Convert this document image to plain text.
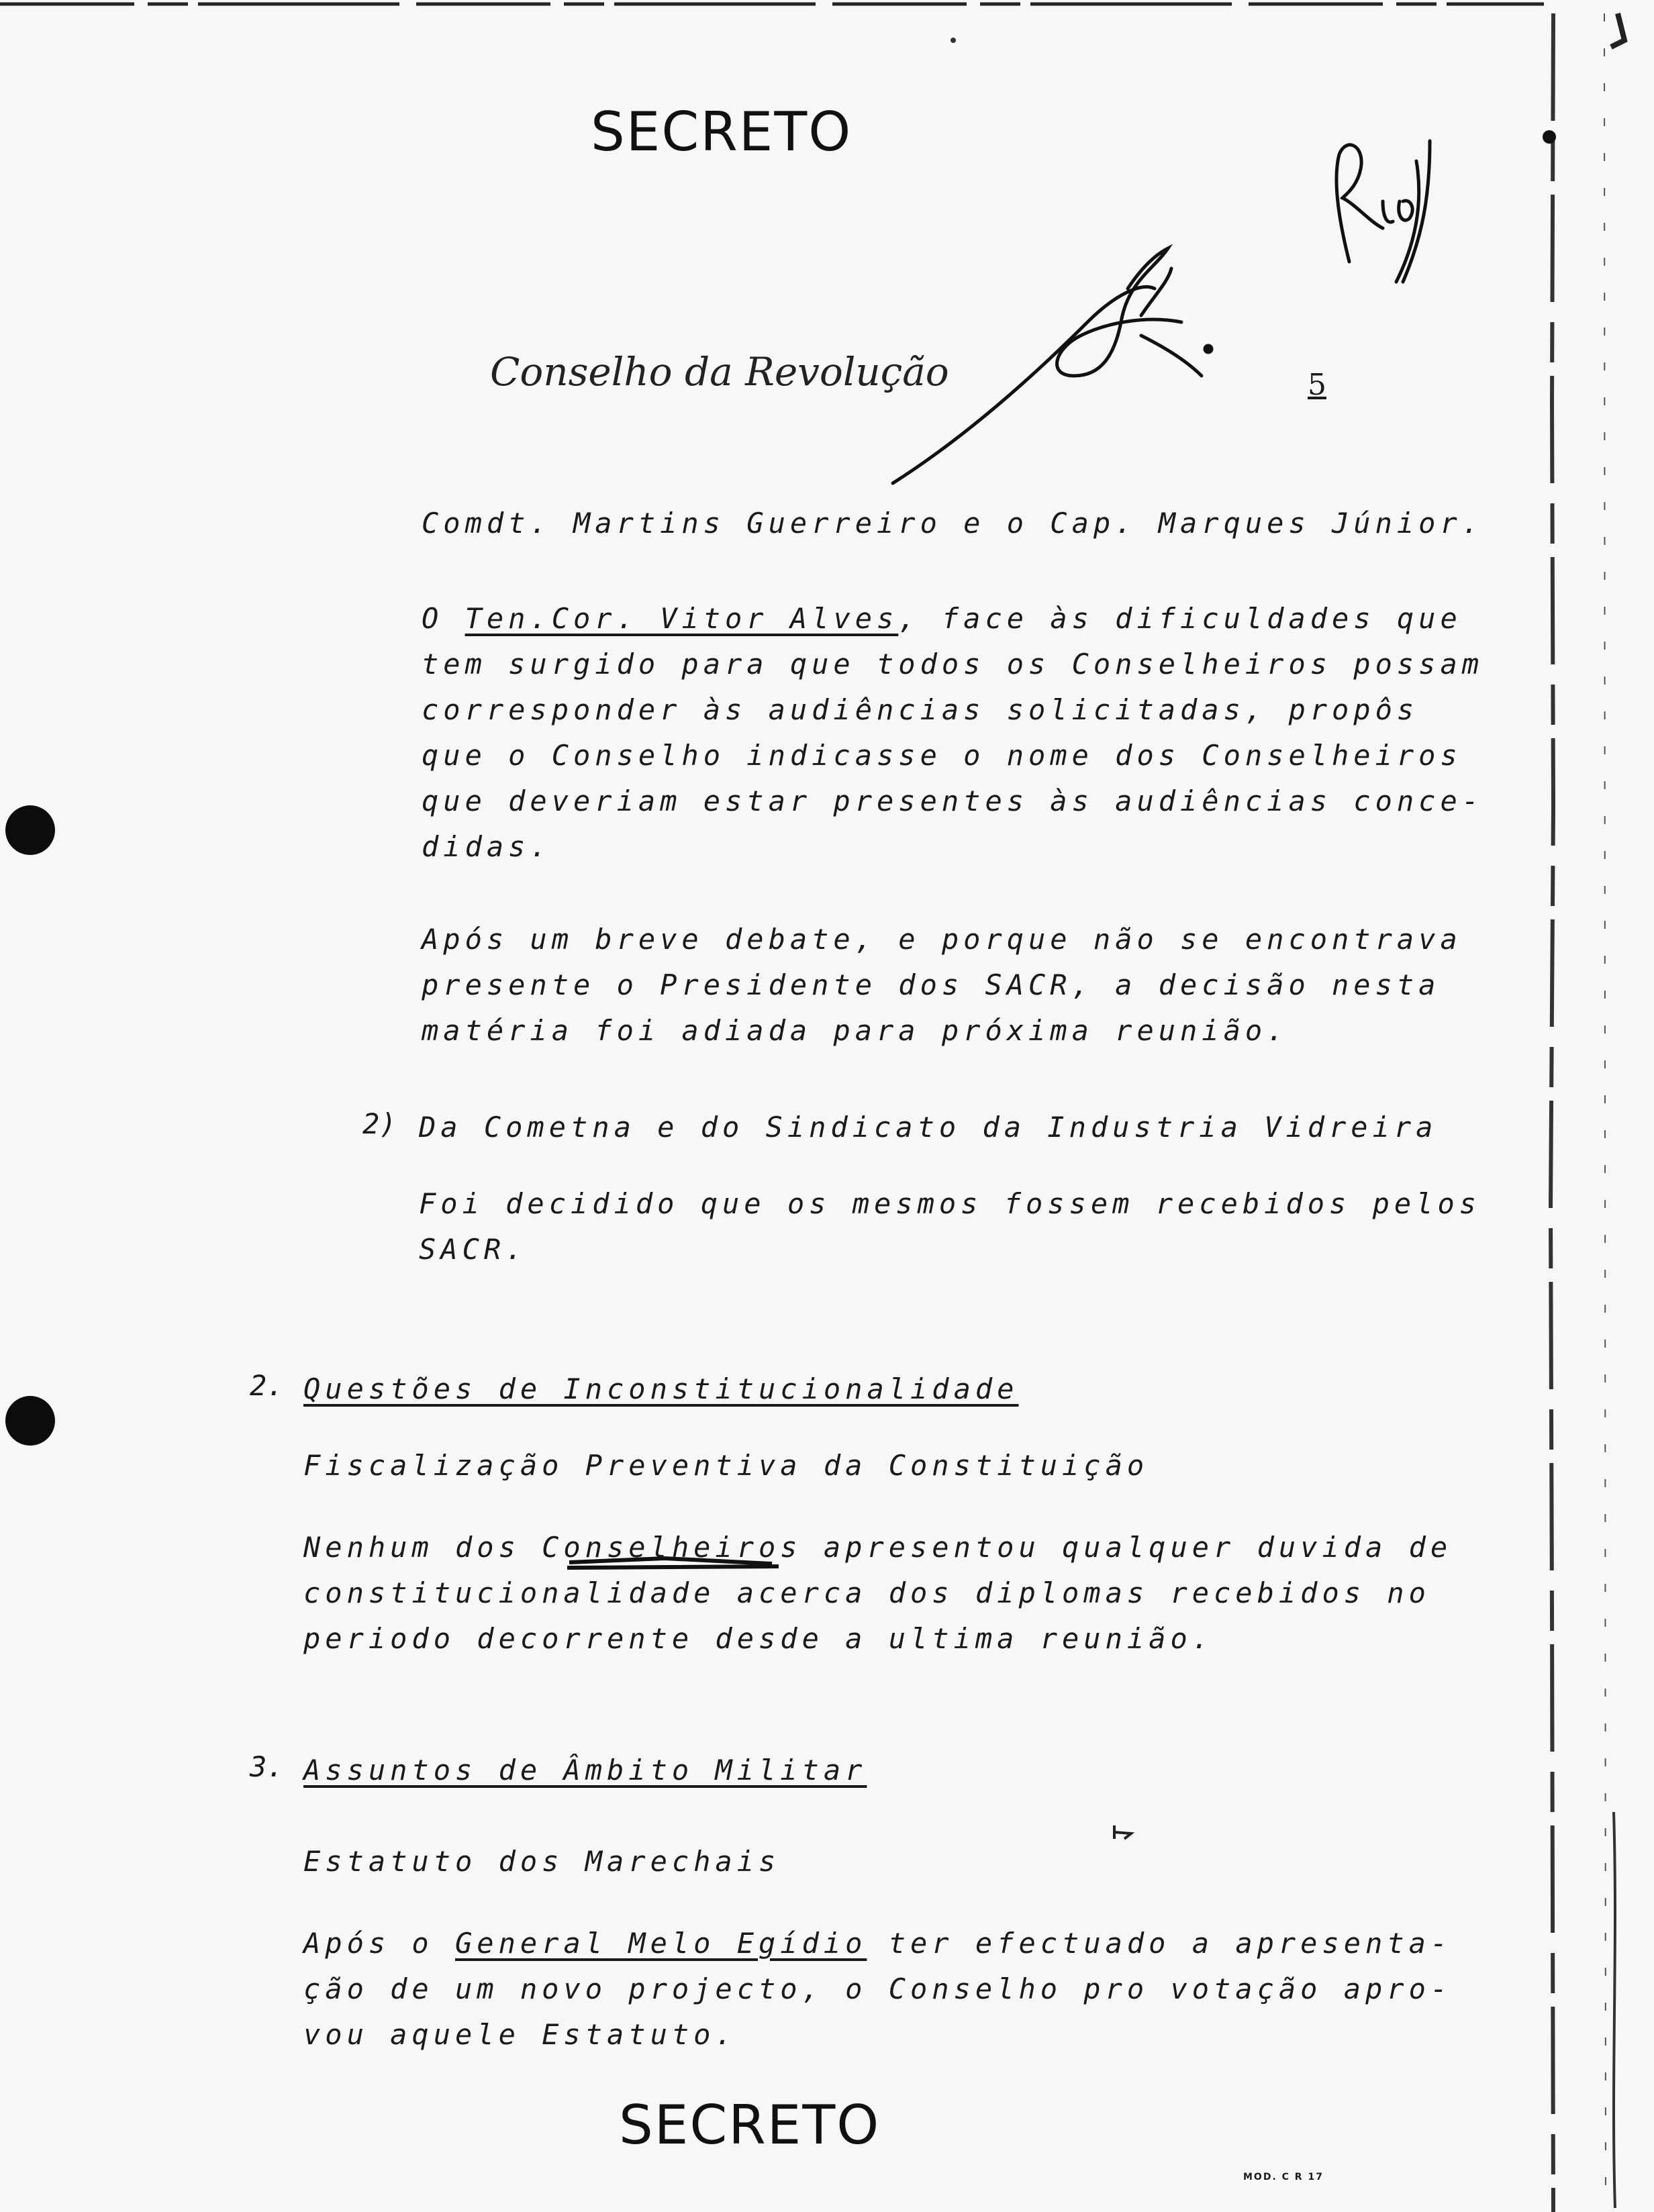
SECRETO
Conselho da Revolução	5
Comdt. Martins Guerreiro e o Cap. Marques Júnior.
O Ten.Cor. Vitor Alves, face às dificuldades que
tem surgido para que todos os Conselheiros possam
corresponder às audiências solicitadas, propôs
que o Conselho indicasse o nome dos Conselheiros
que deveriam estar presentes às audiências conce-
didas.
Após um breve debate, e porque não se encontrava
presente o Presidente dos SACR, a decisão nesta
matéria foi adiada para próxima reunião.
2) Da Cometna e do Sindicato da Industria Vidreira
Foi decidido que os mesmos fossem recebidos pelos
SACR.
2. Questões de Inconstitucionalidade
Fiscalização Preventiva da Constituição
Nenhum dos Conselheiros apresentou qualquer duvida de
constitucionalidade acerca dos diplomas recebidos no
periodo decorrente desde a ultima reunião.
3. Assuntos de Âmbito Militar
Estatuto dos Marechais
Após o General Melo Egídio ter efectuado a apresenta-
ção de um novo projecto, o Conselho pro votação apro-
vou aquele Estatuto.
SECRETO
MOD. C R 17
